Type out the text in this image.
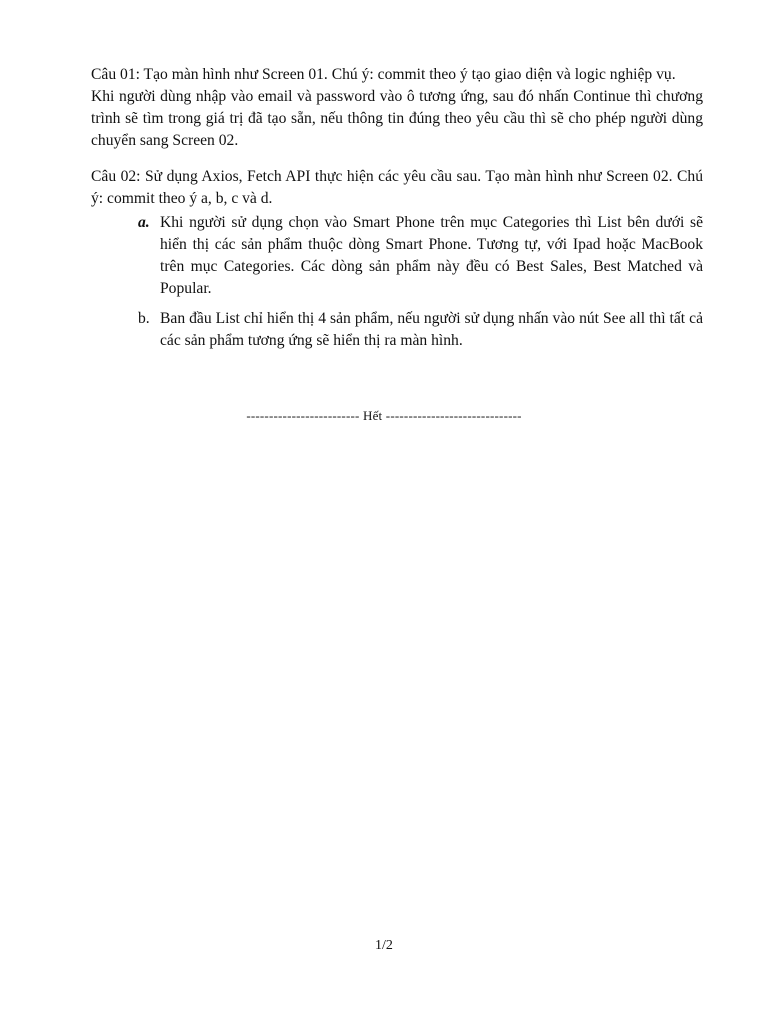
Câu 01: Tạo màn hình như Screen 01. Chú ý: commit theo ý tạo giao diện và logic nghiệp vụ.

Khi người dùng nhập vào email và password vào ô tương ứng, sau đó nhấn Continue thì chương trình sẽ tìm trong giá trị đã tạo sẵn, nếu thông tin đúng theo yêu cầu thì sẽ cho phép người dùng chuyển sang Screen 02.

Câu 02: Sử dụng Axios, Fetch API thực hiện các yêu cầu sau. Tạo màn hình như Screen 02. Chú ý: commit theo ý a, b, c và d.

a. Khi người sử dụng chọn vào Smart Phone trên mục Categories thì List bên dưới sẽ hiển thị các sản phẩm thuộc dòng Smart Phone. Tương tự, với Ipad hoặc MacBook trên mục Categories. Các dòng sản phẩm này đều có Best Sales, Best Matched và Popular.
b. Ban đầu List chỉ hiển thị 4 sản phẩm, nếu người sử dụng nhấn vào nút See all thì tất cả các sản phẩm tương ứng sẽ hiển thị ra màn hình.
------------------------- Hết ------------------------------
1/2
